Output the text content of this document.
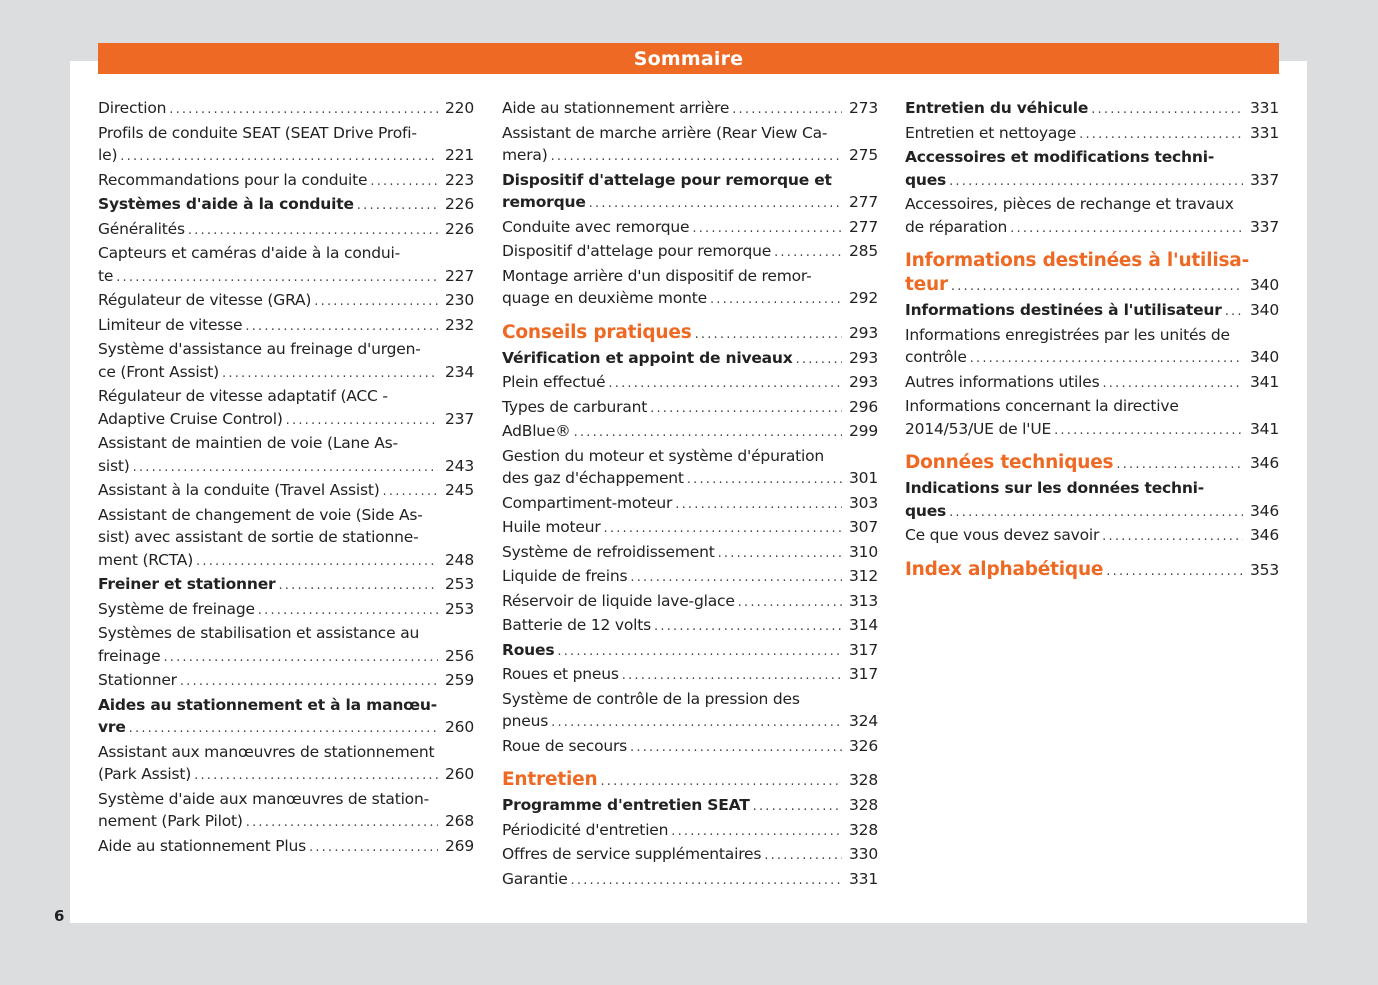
Sommaire
Direction .....	220
Profils de conduite SEAT (SEAT Drive Profi-
le) .....	221
Recommandations pour la conduite .....	223
Systèmes d'aide à la conduite .....	226
Généralités .....	226
Capteurs et caméras d'aide à la condui-
te .....	227
Régulateur de vitesse (GRA) .....	230
Limiteur de vitesse .....	232
Système d'assistance au freinage d'urgen-
ce (Front Assist) .....	234
Régulateur de vitesse adaptatif (ACC -
Adaptive Cruise Control) .....	237
Assistant de maintien de voie (Lane As-
sist) .....	243
Assistant à la conduite (Travel Assist) .....	245
Assistant de changement de voie (Side As-
sist) avec assistant de sortie de stationne-
ment (RCTA) .....	248
Freiner et stationner .....	253
Système de freinage .....	253
Systèmes de stabilisation et assistance au
freinage .....	256
Stationner .....	259
Aides au stationnement et à la manœu-
vre .....	260
Assistant aux manœuvres de stationnement
(Park Assist) .....	260
Système d'aide aux manœuvres de station-
nement (Park Pilot) .....	268
Aide au stationnement Plus .....	269
Aide au stationnement arrière .....	273
Assistant de marche arrière (Rear View Ca-
mera) .....	275
Dispositif d'attelage pour remorque et
remorque .....	277
Conduite avec remorque .....	277
Dispositif d'attelage pour remorque .....	285
Montage arrière d'un dispositif de remor-
quage en deuxième monte .....	292
Conseils pratiques .....	293
Vérification et appoint de niveaux .....	293
Plein effectué .....	293
Types de carburant .....	296
AdBlue® .....	299
Gestion du moteur et système d'épuration
des gaz d'échappement .....	301
Compartiment-moteur .....	303
Huile moteur .....	307
Système de refroidissement .....	310
Liquide de freins .....	312
Réservoir de liquide lave-glace .....	313
Batterie de 12 volts .....	314
Roues .....	317
Roues et pneus .....	317
Système de contrôle de la pression des
pneus .....	324
Roue de secours .....	326
Entretien .....	328
Programme d'entretien SEAT .....	328
Périodicité d'entretien .....	328
Offres de service supplémentaires .....	330
Garantie .....	331
Entretien du véhicule .....	331
Entretien et nettoyage .....	331
Accessoires et modifications techni-
ques .....	337
Accessoires, pièces de rechange et travaux
de réparation .....	337
Informations destinées à l'utilisa-
teur .....	340
Informations destinées à l'utilisateur ..... 340
Informations enregistrées par les unités de
contrôle .....	340
Autres informations utiles .....	341
Informations concernant la directive
2014/53/UE de l'UE .....	341
Données techniques .....	346
Indications sur les données techni-
ques .....	346
Ce que vous devez savoir .....	346
Index alphabétique .....	353
6
